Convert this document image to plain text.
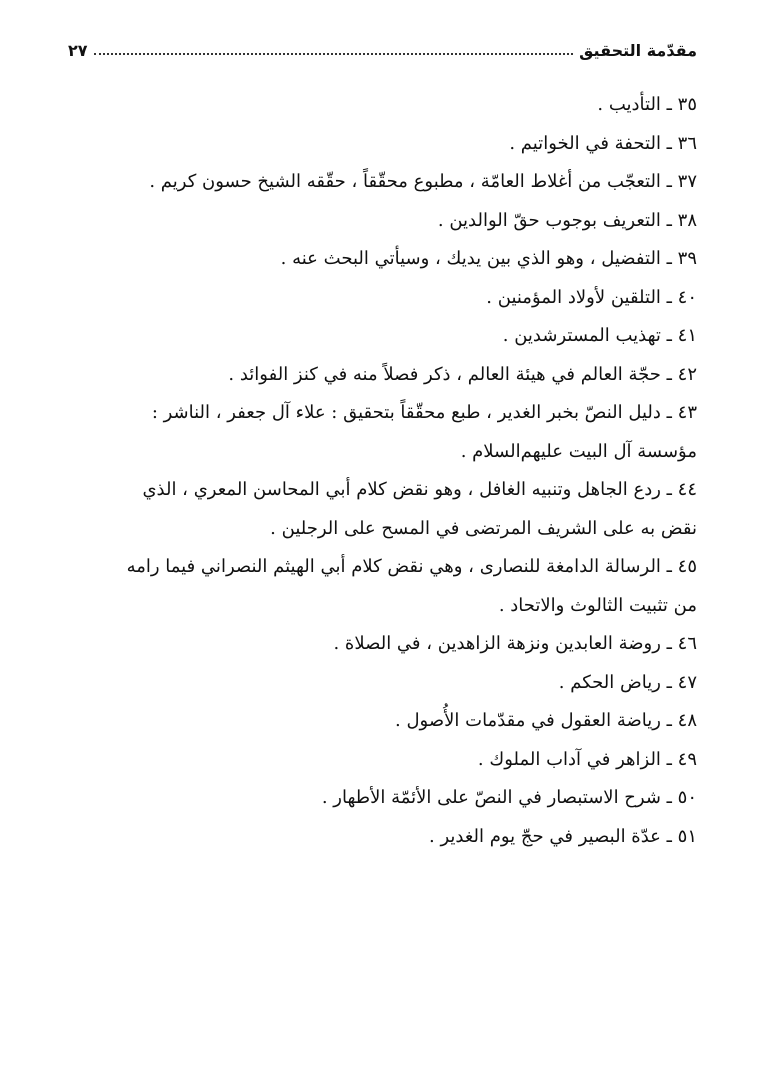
مقدّمة التحقيق
٢٧
٣٥ ـ التأديب .
٣٦ ـ التحفة في الخواتيم .
٣٧ ـ التعجّب من أغلاط العامّة ، مطبوع محقّقاً ، حقّقه الشيخ حسون كريم .
٣٨ ـ التعريف بوجوب حقّ الوالدين .
٣٩ ـ التفضيل ، وهو الذي بين يديك ، وسيأتي البحث عنه .
٤٠ ـ التلقين لأولاد المؤمنين .
٤١ ـ تهذيب المسترشدين .
٤٢ ـ حجّة العالم في هيئة العالم ، ذكر فصلاً منه في كنز الفوائد .
٤٣ ـ دليل النصّ بخبر الغدير ، طبع محقّقاً بتحقيق : علاء آل جعفر ، الناشر :
مؤسسة آل البيت عليهم‌السلام .
٤٤ ـ ردع الجاهل وتنبيه الغافل ، وهو نقض كلام أبي المحاسن المعري ، الذي
نقض به على الشريف المرتضى في المسح على الرجلين .
٤٥ ـ الرسالة الدامغة للنصارى ، وهي نقض كلام أبي الهيثم النصراني فيما رامه
من تثبيت الثالوث والاتحاد .
٤٦ ـ روضة العابدين ونزهة الزاهدين ، في الصلاة .
٤٧ ـ رياض الحكم .
٤٨ ـ رياضة العقول في مقدّمات الأُصول .
٤٩ ـ الزاهر في آداب الملوك .
٥٠ ـ شرح الاستبصار في النصّ على الأئمّة الأطهار .
٥١ ـ عدّة البصير في حجّ يوم الغدير .
